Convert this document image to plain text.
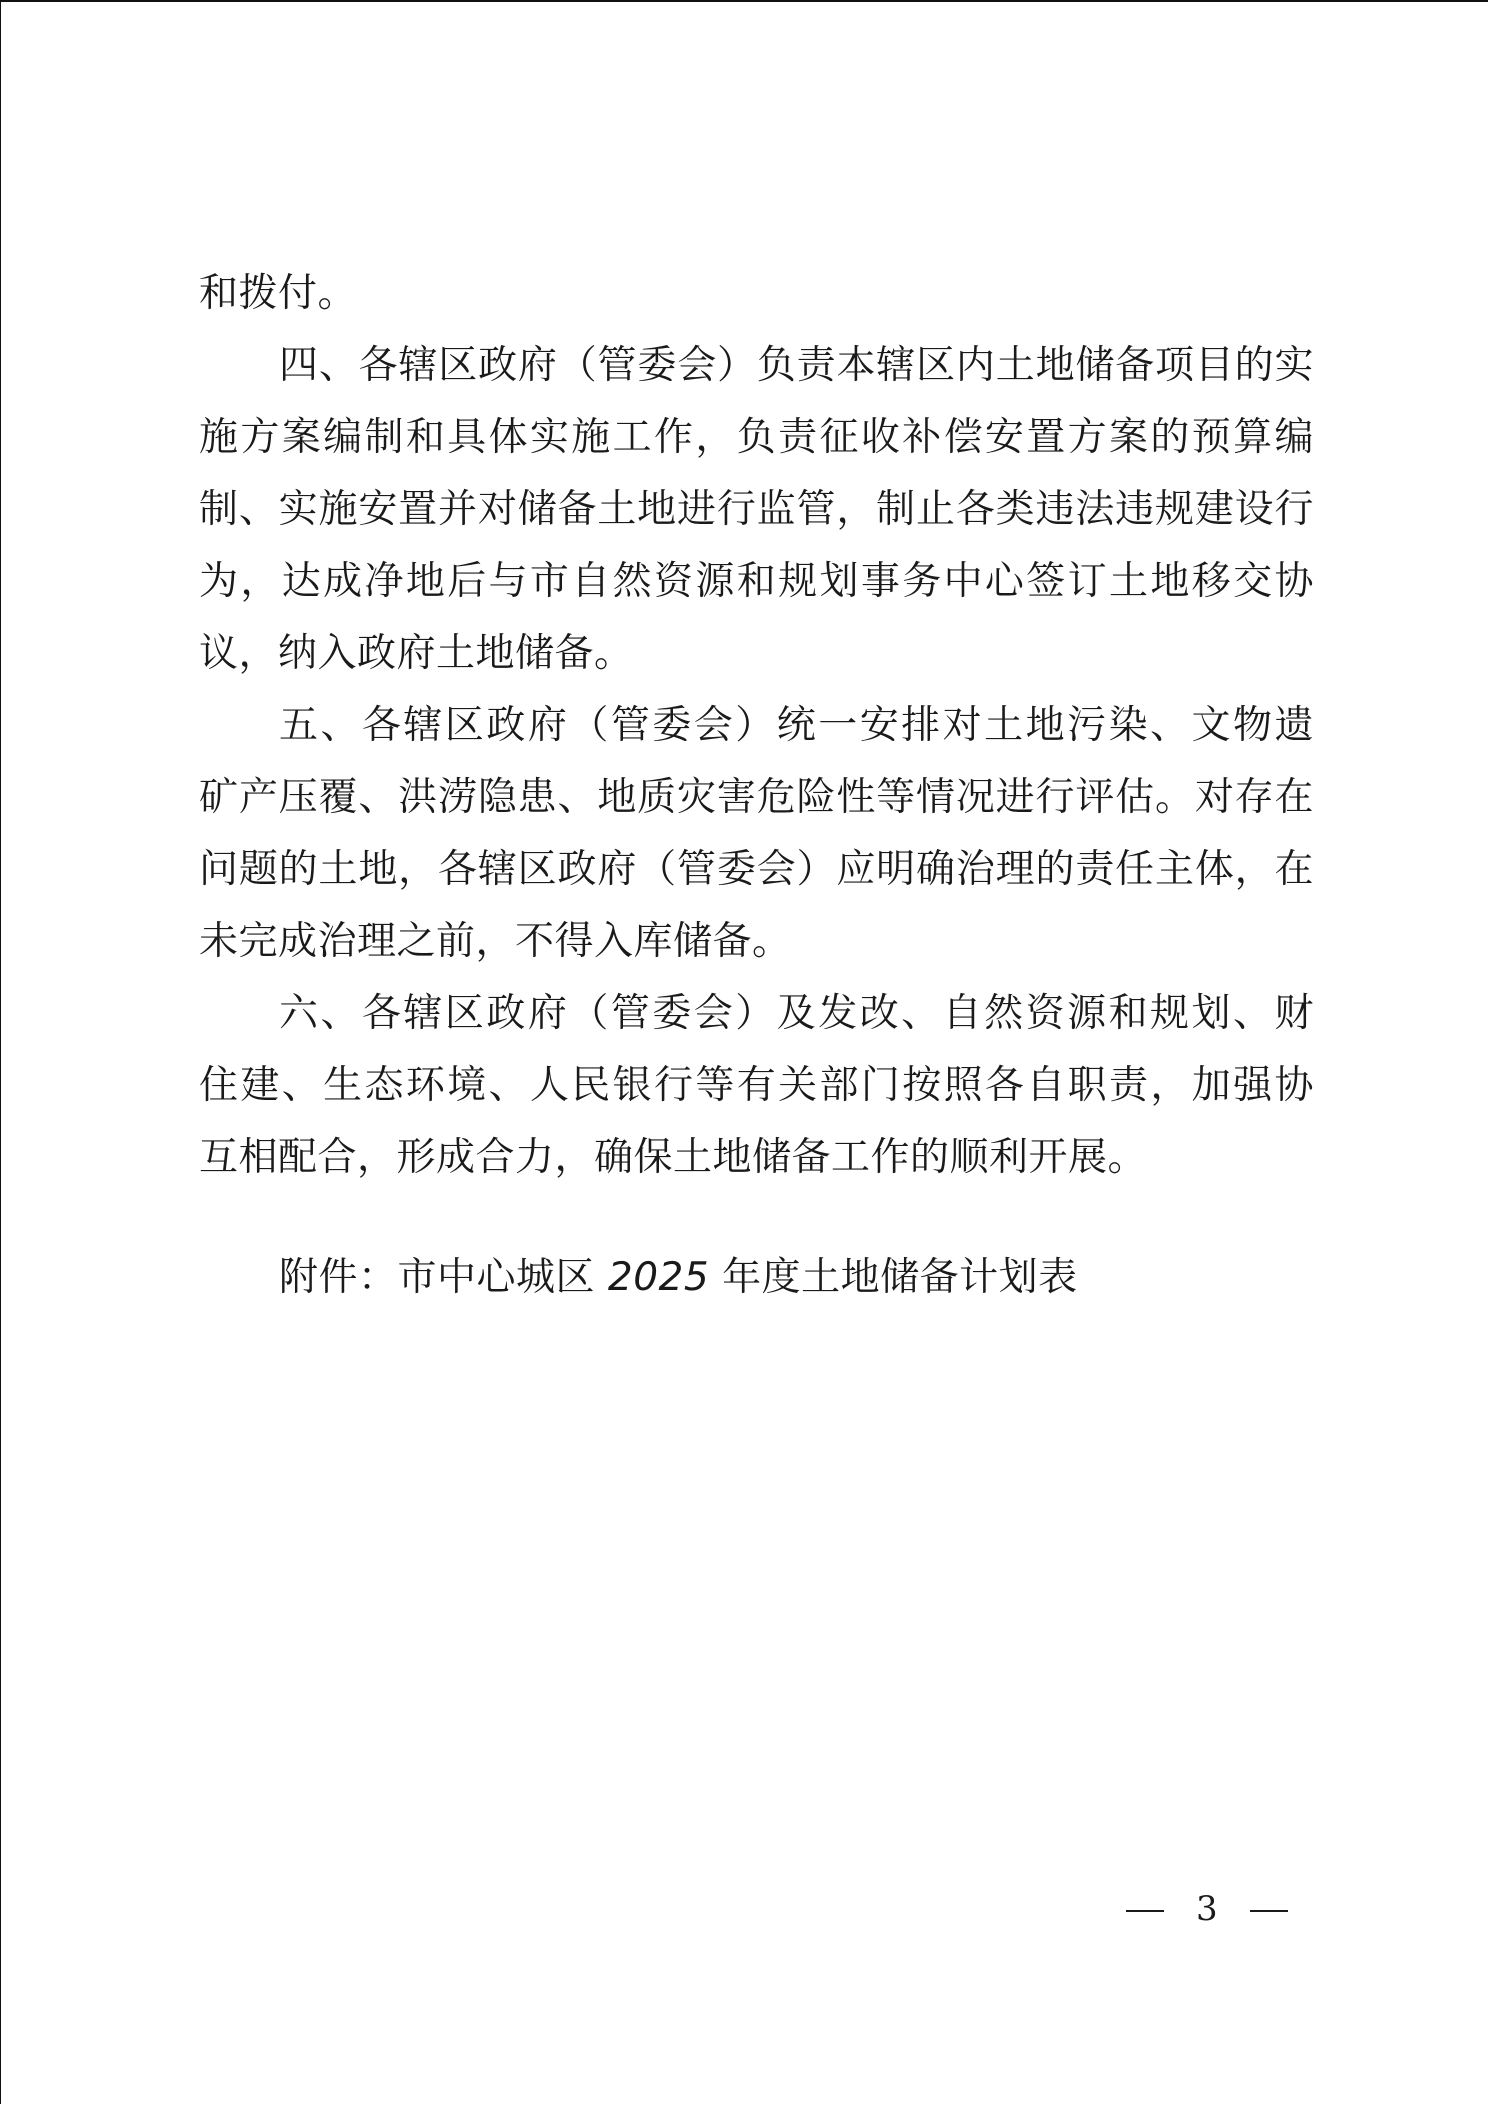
和拨付。
四、各辖区政府（管委会）负责本辖区内土地储备项目的实
施方案编制和具体实施工作，负责征收补偿安置方案的预算编
制、实施安置并对储备土地进行监管，制止各类违法违规建设行
为，达成净地后与市自然资源和规划事务中心签订土地移交协
议，纳入政府土地储备。
五、各辖区政府（管委会）统一安排对土地污染、文物遗
矿产压覆、洪涝隐患、地质灾害危险性等情况进行评估。对存在
问题的土地，各辖区政府（管委会）应明确治理的责任主体，在
未完成治理之前，不得入库储备。
六、各辖区政府（管委会）及发改、自然资源和规划、财
住建、生态环境、人民银行等有关部门按照各自职责，加强协
互相配合，形成合力，确保土地储备工作的顺利开展。
附件：市中心城区 2025 年度土地储备计划表
3
